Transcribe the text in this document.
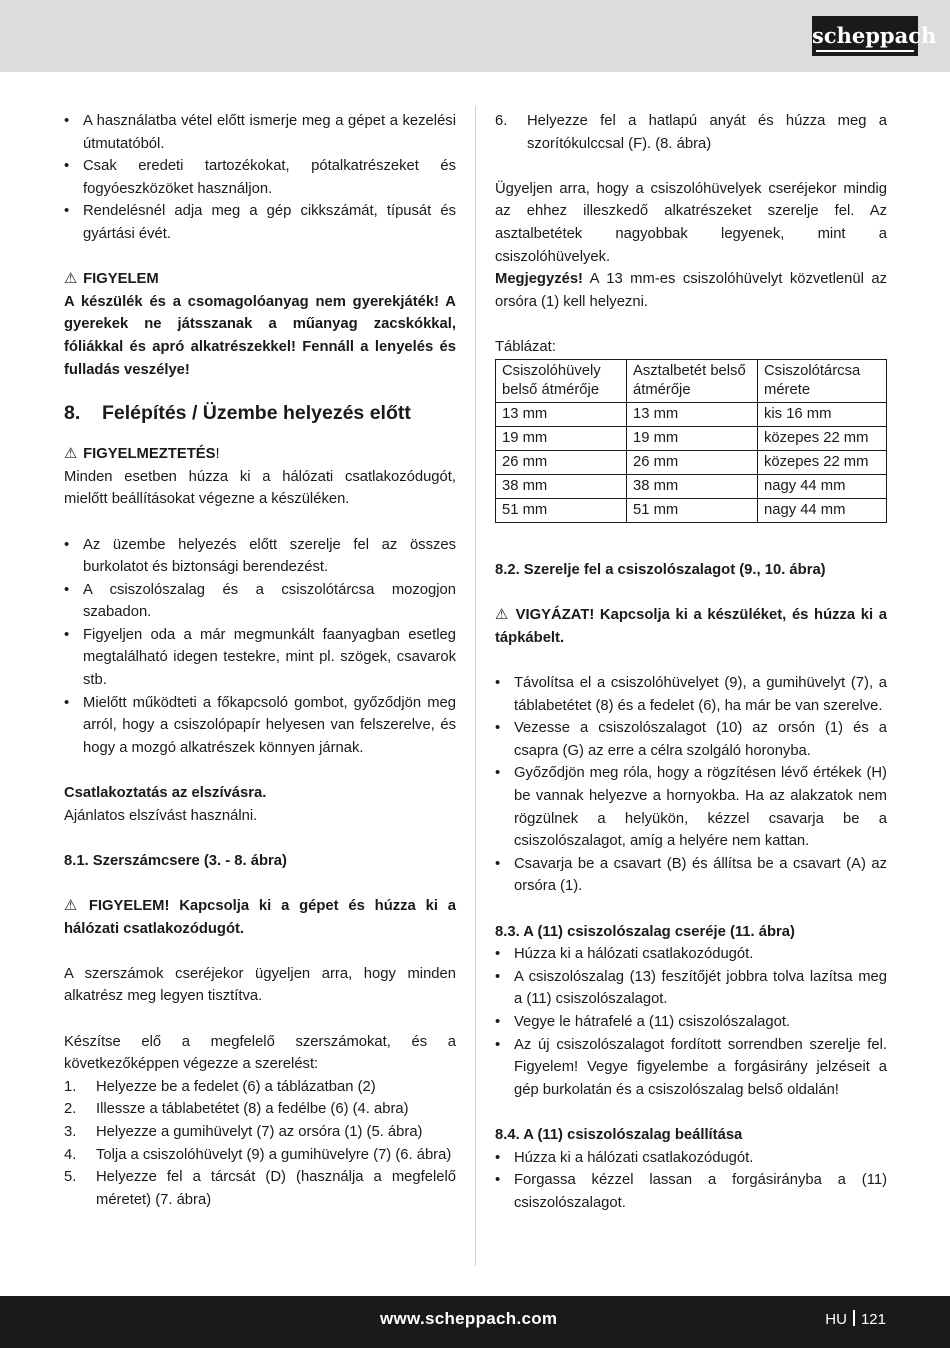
scheppach
• A használatba vétel előtt ismerje meg a gépet a kezelési útmutatóból.
• Csak eredeti tartozékokat, pótalkatrészeket és fogyóeszközöket használjon.
• Rendelésnél adja meg a gép cikkszámát, típusát és gyártási évét.

⚠ FIGYELEM

A készülék és a csomagolóanyag nem gyerekjáték! A gyerekek ne játsszanak a műanyag zacskókkal, fóliákkal és apró alkatrészekkel! Fennáll a lenyelés és fulladás veszélye!

8.	Felépítés / Üzembe helyezés előtt

⚠ FIGYELMEZTETÉS!

Minden esetben húzza ki a hálózati csatlakozódugót, mielőtt beállításokat végezne a készüléken.

• Az üzembe helyezés előtt szerelje fel az összes burkolatot és biztonsági berendezést.
• A csiszolószalag és a csiszolótárcsa mozogjon szabadon.
• Figyeljen oda a már megmunkált faanyagban esetleg megtalálható idegen testekre, mint pl. szögek, csavarok stb.
• Mielőtt működteti a főkapcsoló gombot, győződjön meg arról, hogy a csiszolópapír helyesen van felszerelve, és hogy a mozgó alkatrészek könnyen járnak.

Csatlakoztatás az elszívásra.

Ajánlatos elszívást használni.

8.1. Szerszámcsere (3. - 8. ábra)

⚠ FIGYELEM! Kapcsolja ki a gépet és húzza ki a hálózati csatlakozódugót.

A szerszámok cseréjekor ügyeljen arra, hogy minden alkatrész meg legyen tisztítva.

Készítse elő a megfelelő szerszámokat, és a következőképpen végezze a szerelést:

1. Helyezze be a fedelet (6) a táblázatban (2)
2. Illessze a táblabetétet (8) a fedélbe (6) (4. abra)
3. Helyezze a gumihüvelyt (7) az orsóra (1) (5. ábra)
4. Tolja a csiszolóhüvelyt (9) a gumihüvelyre (7) (6. ábra)
5. Helyezze fel a tárcsát (D) (használja a megfelelő méretet) (7. ábra)
6. Helyezze fel a hatlapú anyát és húzza meg a szorítókulccsal (F). (8. ábra)

Ügyeljen arra, hogy a csiszolóhüvelyek cseréjekor mindig az ehhez illeszkedő alkatrészeket szerelje fel. Az asztalbetétek nagyobbak legyenek, mint a csiszolóhüvelyek.

Megjegyzés! A 13 mm-es csiszolóhüvelyt közvetlenül az orsóra (1) kell helyezni.

Táblázat:

Csiszolóhüvely belső átmérője	Asztalbetét belső átmérője	Csiszolótárcsa mérete
13 mm	13 mm	kis 16 mm
19 mm	19 mm	közepes 22 mm
26 mm	26 mm	közepes 22 mm
38 mm	38 mm	nagy 44 mm
51 mm	51 mm	nagy 44 mm

8.2. Szerelje fel a csiszolószalagot (9., 10. ábra)

⚠ VIGYÁZAT! Kapcsolja ki a készüléket, és húzza ki a tápkábelt.

• Távolítsa el a csiszolóhüvelyet (9), a gumihüvelyt (7), a táblabetétet (8) és a fedelet (6), ha már be van szerelve.
• Vezesse a csiszolószalagot (10) az orsón (1) és a csapra (G) az erre a célra szolgáló horonyba.
• Győződjön meg róla, hogy a rögzítésen lévő értékek (H) be vannak helyezve a hornyokba. Ha az alakzatok nem rögzülnek a helyükön, kézzel csavarja be a csiszolószalagot, amíg a helyére nem kattan.
• Csavarja be a csavart (B) és állítsa be a csavart (A) az orsóra (1).

8.3. A (11) csiszolószalag cseréje (11. ábra)

• Húzza ki a hálózati csatlakozódugót.
• A csiszolószalag (13) feszítőjét jobbra tolva lazítsa meg a (11) csiszolószalagot.
• Vegye le hátrafelé a (11) csiszolószalagot.
• Az új csiszolószalagot fordított sorrendben szerelje fel. Figyelem! Vegye figyelembe a forgásirány jelzéseit a gép burkolatán és a csiszolószalag belső oldalán!

8.4. A (11) csiszolószalag beállítása

• Húzza ki a hálózati csatlakozódugót.
• Forgassa kézzel lassan a forgásirányba a (11) csiszolószalagot.
www.scheppach.com	HU 121
